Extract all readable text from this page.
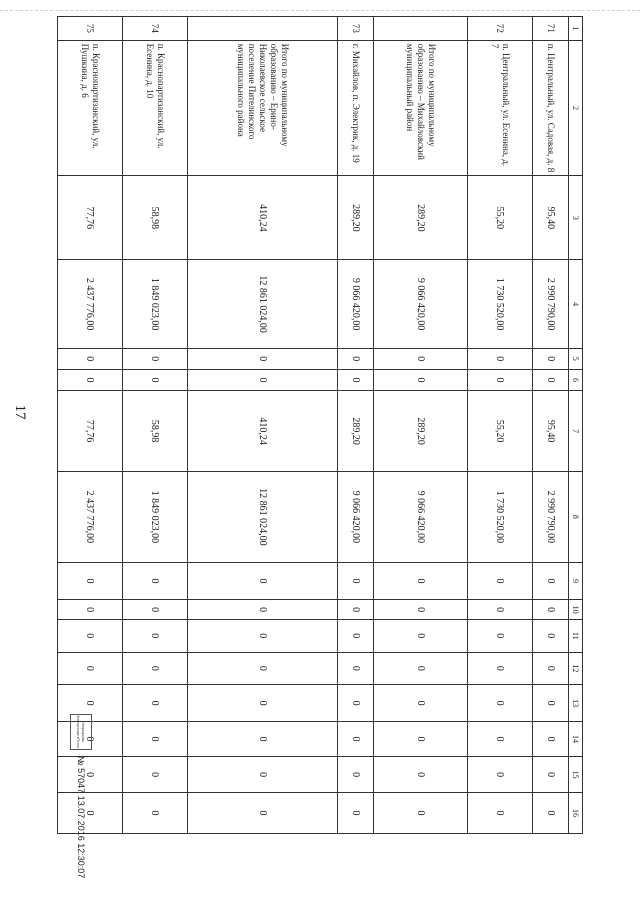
17
1	2	3	4	5	6	7	8	9	10	11	12	13	14	15	16
71	п. Центральный, ул. Садовая, д. 8	95,40	2 990 790,00	0	0	95,40	2 990 790,00	0	0	0	0	0	0	0	0
72	п. Центральный, ул. Есенина, д. 7	55,20	1 730 520,00	0	0	55,20	1 730 520,00	0	0	0	0	0	0	0	0
	Итого по муниципальному образованию – Михайловский муниципальный район	289,20	9 066 420,00	0	0	289,20	9 066 420,00	0	0	0	0	0	0	0	0
73	г. Михайлов, п. Электрик, д. 19	289,20	9 066 420,00	0	0	289,20	9 066 420,00	0	0	0	0	0	0	0	0
	Итого по муниципальному образованию – Ерино-Николаевское сельское поселение Пителинского муниципального района	410,24	12 861 024,00	0	0	410,24	12 861 024,00	0	0	0	0	0	0	0	0
74	п. Краснопартизанский, ул. Есенина, д. 10	58,98	1 849 023,00	0	0	58,98	1 849 023,00	0	0	0	0	0	0	0	0
75	п. Краснопартизанский, ул. Пушкина, д. 6	77,76	2 437 776,00	0	0	77,76	2 437 776,00	0	0	0	0	0	0	0	0
Инфорком
КонсультантПлюс
№ 57047 13.07.2016 12:30:07
